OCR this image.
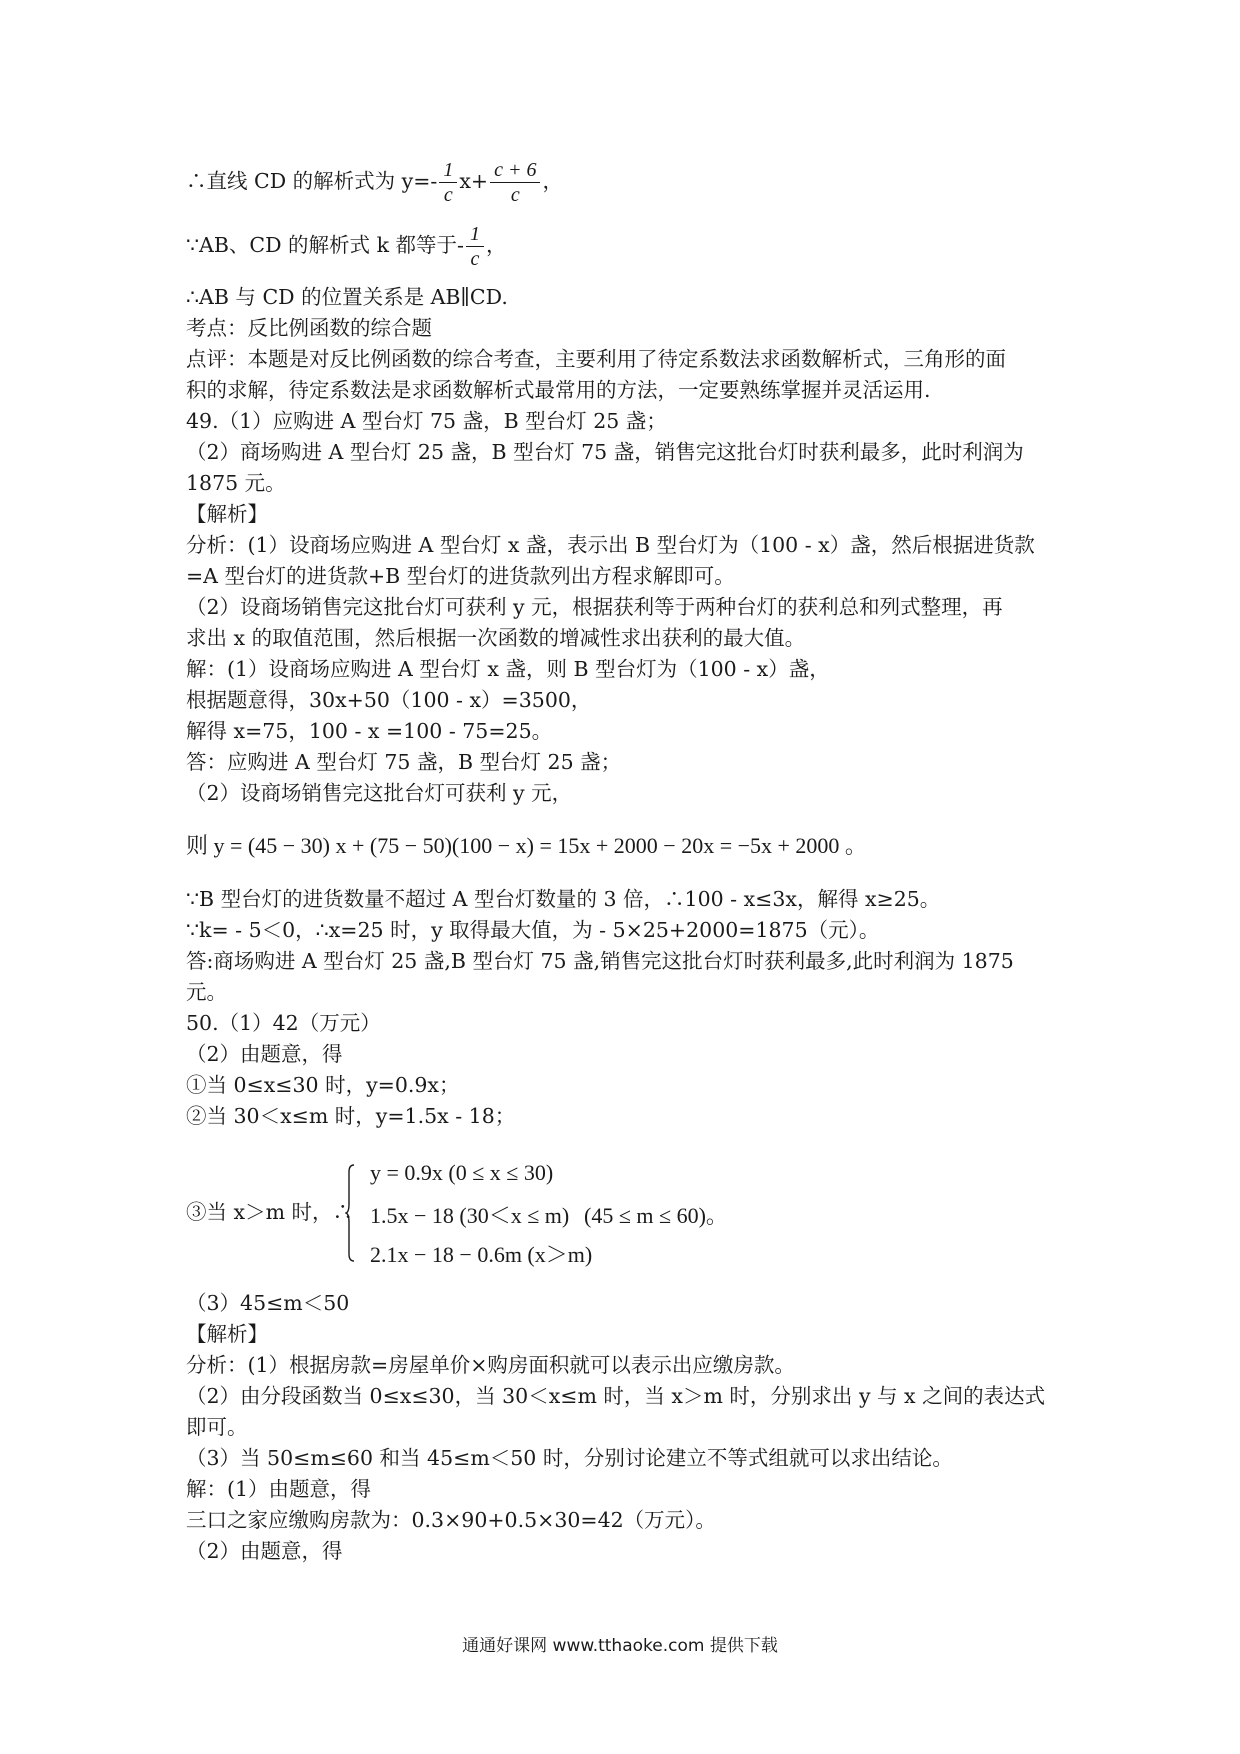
∴直线 CD 的解析式为 $y=- \frac{1}{c} x+ \frac{c + 6}{c}$ ，
∵AB、CD 的解析式 k 都等于- $\frac{1}{c}$ ，
∴AB 与 CD 的位置关系是 AB∥CD.
考点：反比例函数的综合题
点评：本题是对反比例函数的综合考查，主要利用了待定系数法求函数解析式，三角形的面
积的求解，待定系数法是求函数解析式最常用的方法，一定要熟练掌握并灵活运用.
49.（1）应购进 A 型台灯 75 盏，B 型台灯 25 盏；
（2）商场购进 A 型台灯 25 盏，B 型台灯 75 盏，销售完这批台灯时获利最多，此时利润为
1875 元。
【解析】
分析：(1）设商场应购进 A 型台灯 x 盏，表示出 B 型台灯为（100 - x）盏，然后根据进货款
=A 型台灯的进货款+B 型台灯的进货款列出方程求解即可。
（2）设商场销售完这批台灯可获利 y 元，根据获利等于两种台灯的获利总和列式整理，再
求出 x 的取值范围，然后根据一次函数的增减性求出获利的最大值。
解：(1）设商场应购进 A 型台灯 x 盏，则 B 型台灯为（100 - x）盏，
根据题意得，30x+50（100 - x）=3500，
解得 x=75，100 - x =100 - 75=25。
答：应购进 A 型台灯 75 盏，B 型台灯 25 盏；
（2）设商场销售完这批台灯可获利 y 元，
则 y = (45 − 30) x + (75 − 50)(100 − x) = 15x + 2000 − 20x = −5x + 2000 。
∵B 型台灯的进货数量不超过 A 型台灯数量的 3 倍，∴100 - x≤3x，解得 x≥25。
∵k= - 5＜0，∴x=25 时，y 取得最大值，为 - 5×25+2000=1875（元）。
答:商场购进 A 型台灯 25 盏,B 型台灯 75 盏,销售完这批台灯时获利最多,此时利润为 1875
元。
50.（1）42（万元）
（2）由题意，得
①当 0≤x≤30 时，y=0.9x；
②当 30＜x≤m 时，y=1.5x - 18；
③当 x＞m 时，∴
y = 0.9x (0 ≤ x ≤ 30)
1.5x − 18 (30＜x ≤ m) (45 ≤ m ≤ 60)。
2.1x − 18 − 0.6m (x＞m)
（3）45≤m＜50
【解析】
分析：(1）根据房款=房屋单价×购房面积就可以表示出应缴房款。
（2）由分段函数当 0≤x≤30，当 30＜x≤m 时，当 x＞m 时，分别求出 y 与 x 之间的表达式
即可。
（3）当 50≤m≤60 和当 45≤m＜50 时，分别讨论建立不等式组就可以求出结论。
解：(1）由题意，得
三口之家应缴购房款为：0.3×90+0.5×30=42（万元）。
（2）由题意，得
通通好课网 www.tthaoke.com 提供下载
